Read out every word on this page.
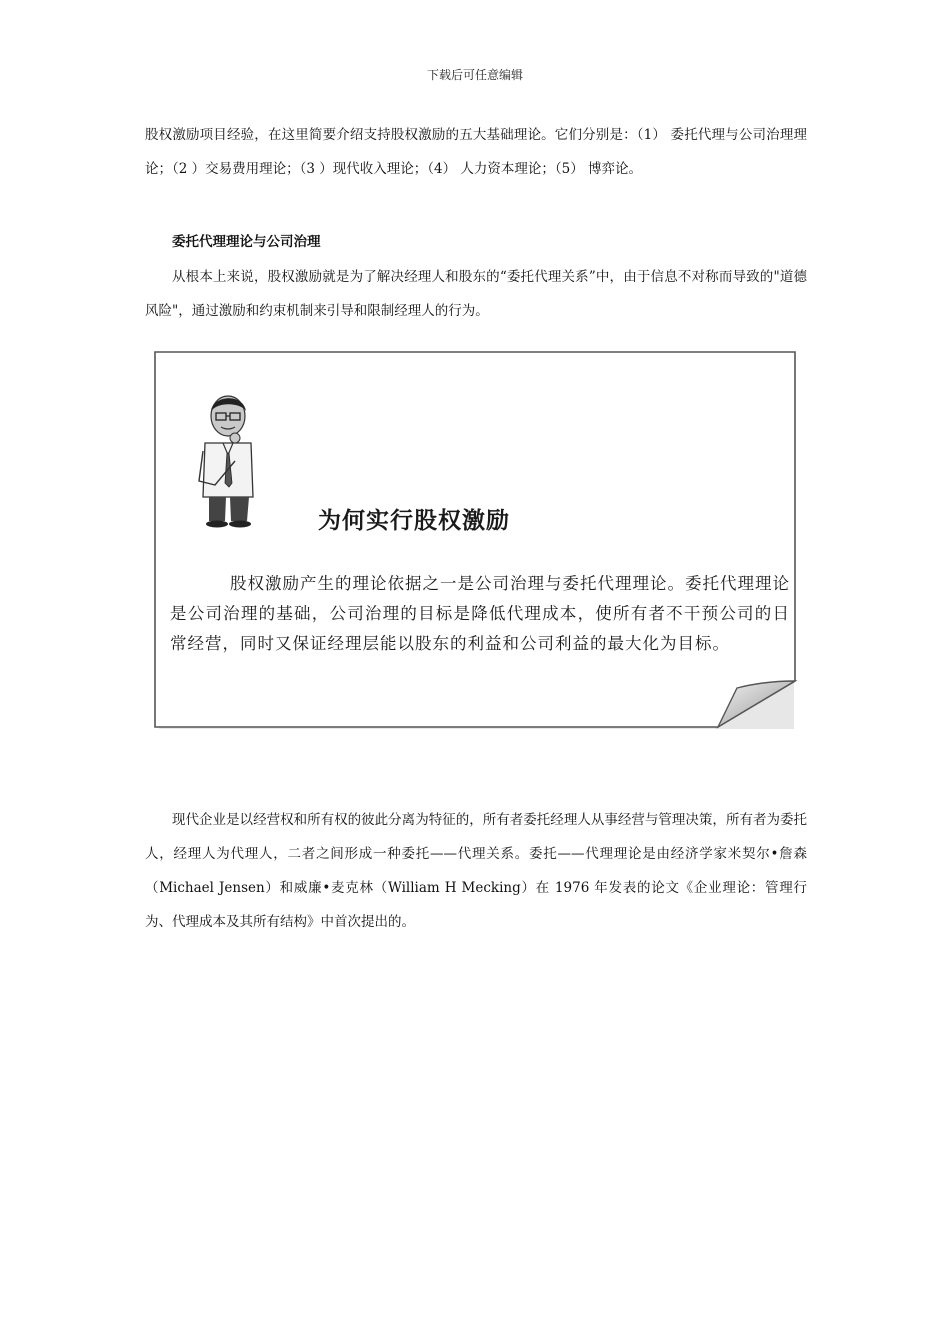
下载后可任意编辑

股权激励项目经验，在这里简要介绍支持股权激励的五大基础理论。它们分别是：（1） 委托代理与公司治理理论；（2 ）交易费用理论；（3 ）现代收入理论；（4） 人力资本理论；（5） 博弈论。

委托代理理论与公司治理

从根本上来说，股权激励就是为了解决经理人和股东的“委托代理关系”中，由于信息不对称而导致的"道德风险"，通过激励和约束机制来引导和限制经理人的行为。

为何实行股权激励
股权激励产生的理论依据之一是公司治理与委托代理理论。委托代理理论是公司治理的基础，公司治理的目标是降低代理成本，使所有者不干预公司的日常经营，同时又保证经理层能以股东的利益和公司利益的最大化为目标。

现代企业是以经营权和所有权的彼此分离为特征的，所有者委托经理人从事经营与管理决策，所有者为委托人，经理人为代理人，二者之间形成一种委托——代理关系。委托——代理理论是由经济学家米契尔•詹森（Michael Jensen）和威廉•麦克林（William H Mecking）在 1976 年发表的论文《企业理论：管理行为、代理成本及其所有结构》中首次提出的。
